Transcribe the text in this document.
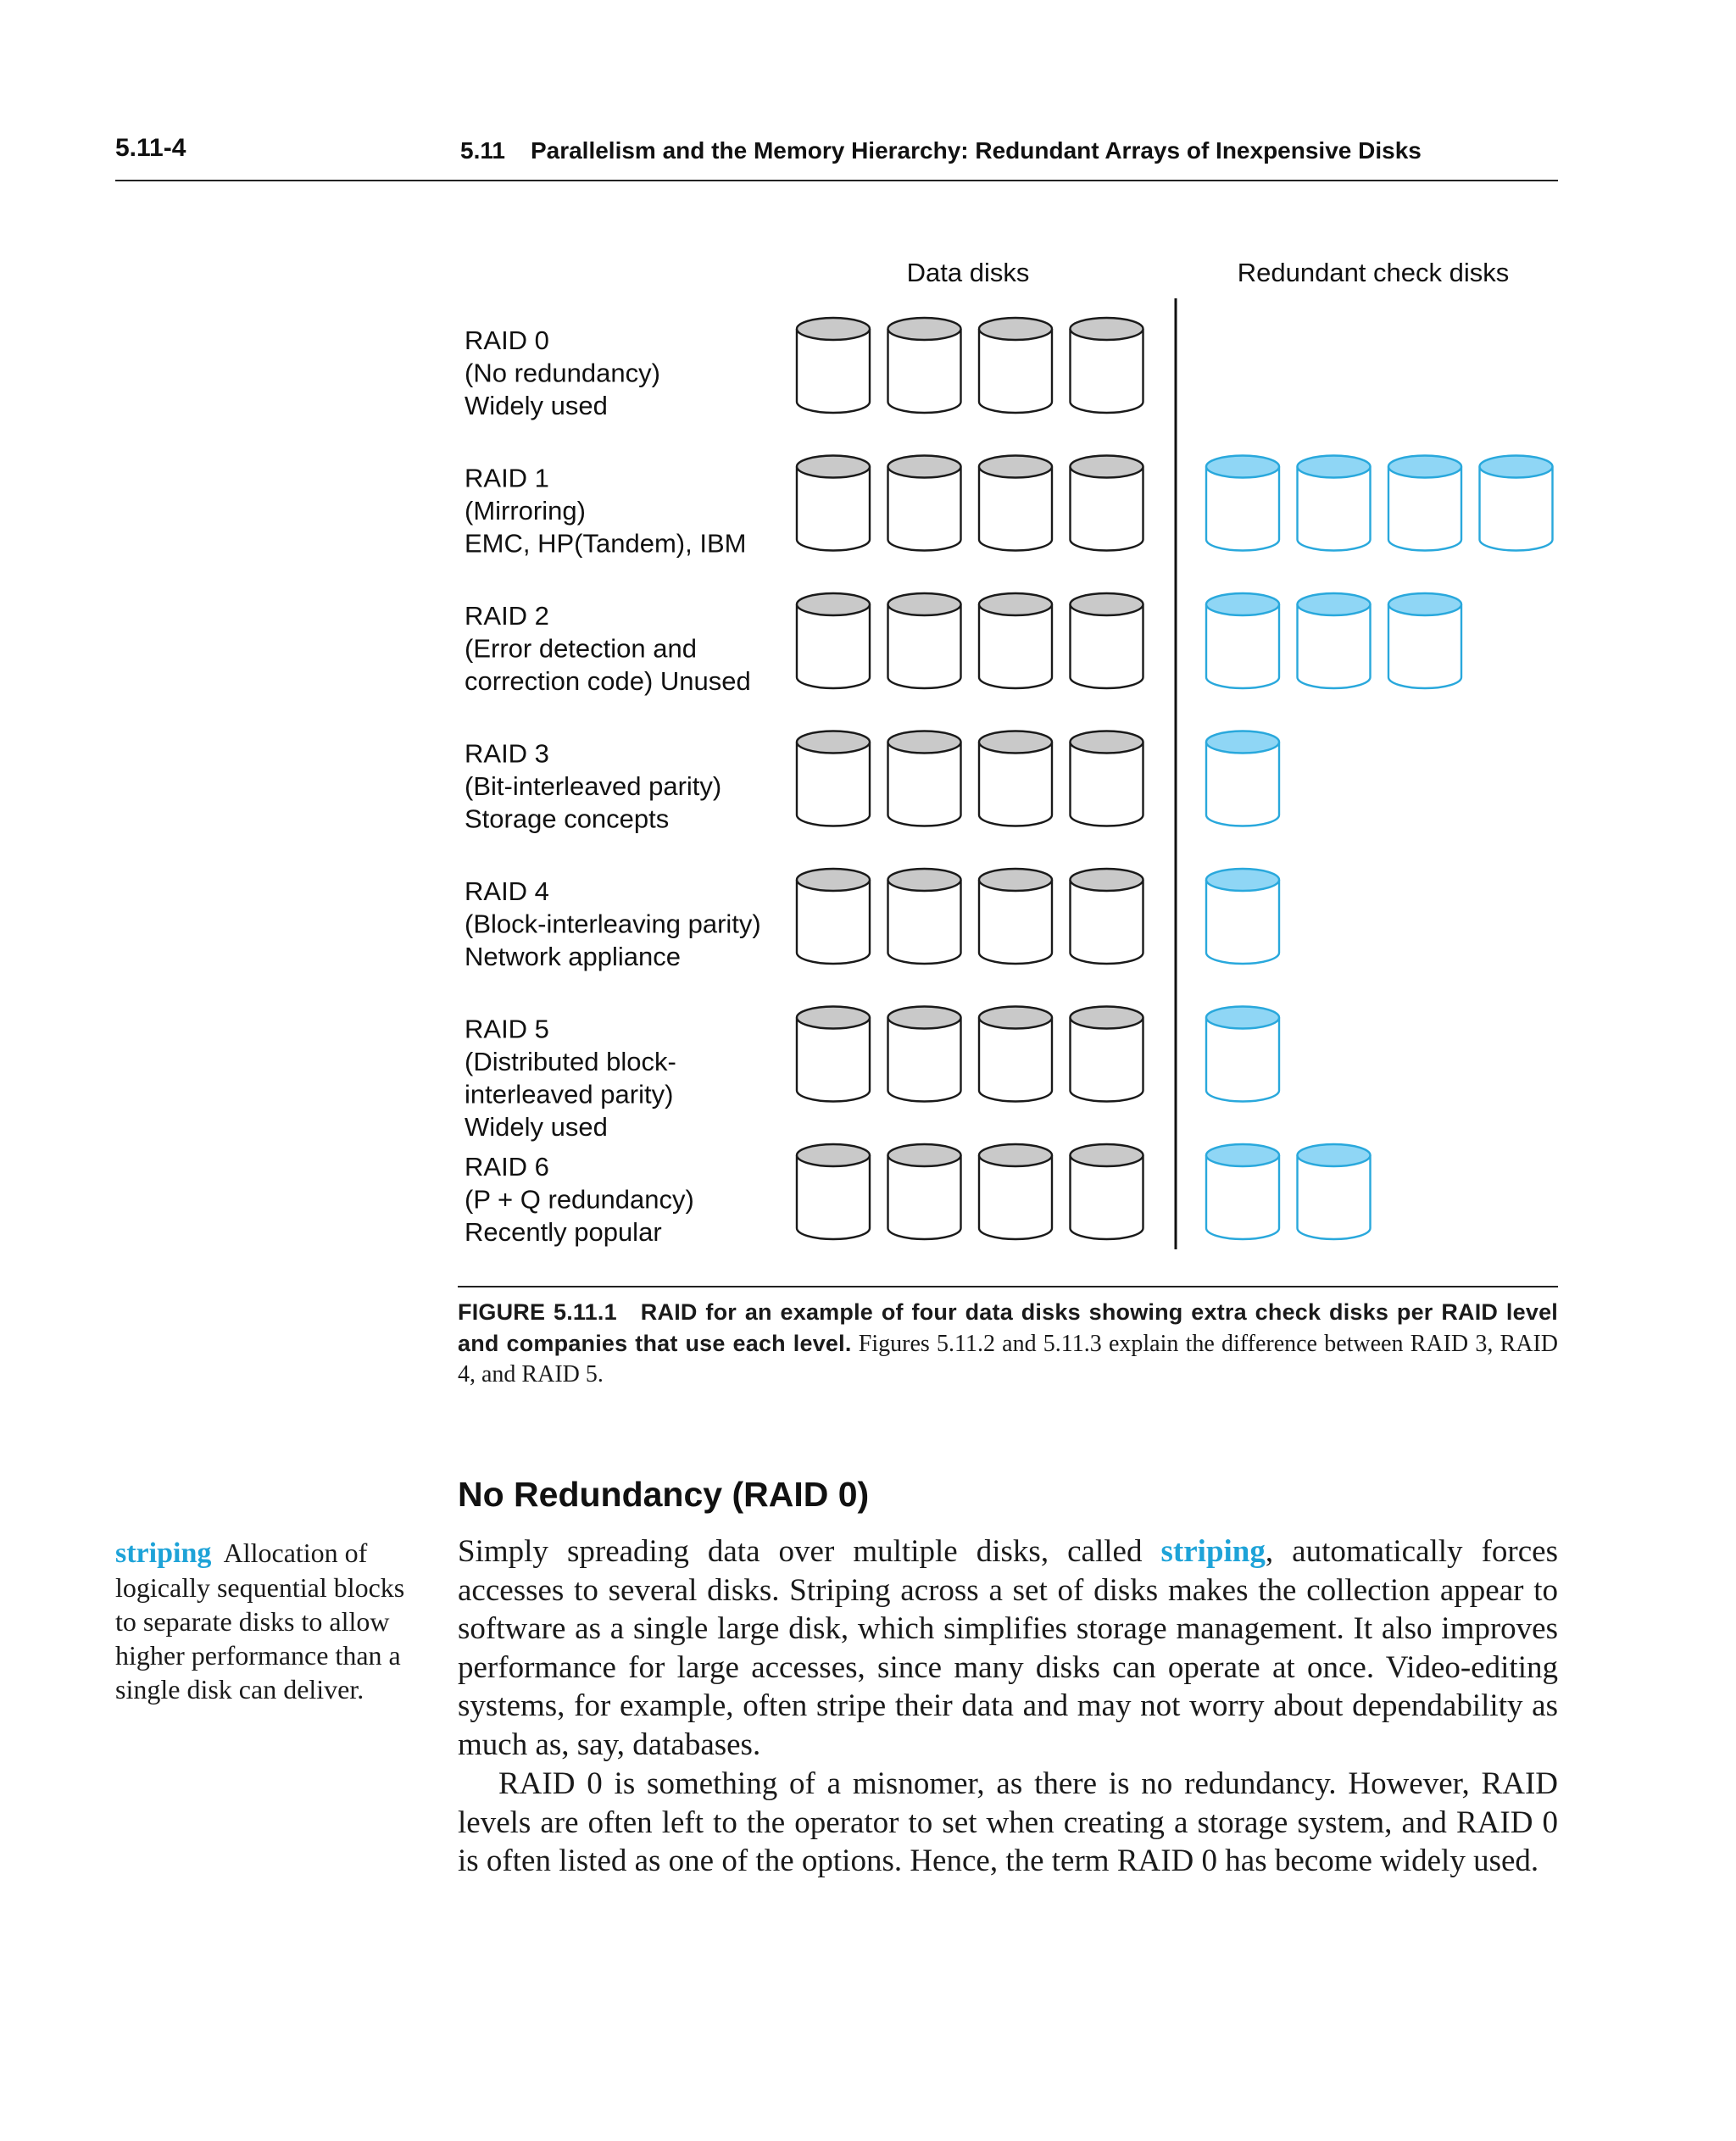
5.11-4	5.11 Parallelism and the Memory Hierarchy: Redundant Arrays of Inexpensive Disks
Data disks	Redundant check disks
RAID 0
(No redundancy)
Widely used
RAID 1
(Mirroring)
EMC, HP(Tandem), IBM
RAID 2
(Error detection and
correction code) Unused
RAID 3
(Bit-interleaved parity)
Storage concepts
RAID 4
(Block-interleaving parity)
Network appliance
RAID 5
(Distributed block-
interleaved parity)
Widely used
RAID 6
(P + Q redundancy)
Recently popular
FIGURE 5.11.1 RAID for an example of four data disks showing extra check disks per RAID level and companies that use each level. Figures 5.11.2 and 5.11.3 explain the difference between RAID 3, RAID 4, and RAID 5.
No Redundancy (RAID 0)

Simply spreading data over multiple disks, called striping, automatically forces accesses to several disks. Striping across a set of disks makes the collection appear to software as a single large disk, which simplifies storage management. It also improves performance for large accesses, since many disks can operate at once. Video-editing systems, for example, often stripe their data and may not worry about dependability as much as, say, databases.

RAID 0 is something of a misnomer, as there is no redundancy. However, RAID levels are often left to the operator to set when creating a storage system, and RAID 0 is often listed as one of the options. Hence, the term RAID 0 has become widely used.

striping Allocation of logically sequential blocks to separate disks to allow higher performance than a single disk can deliver.
